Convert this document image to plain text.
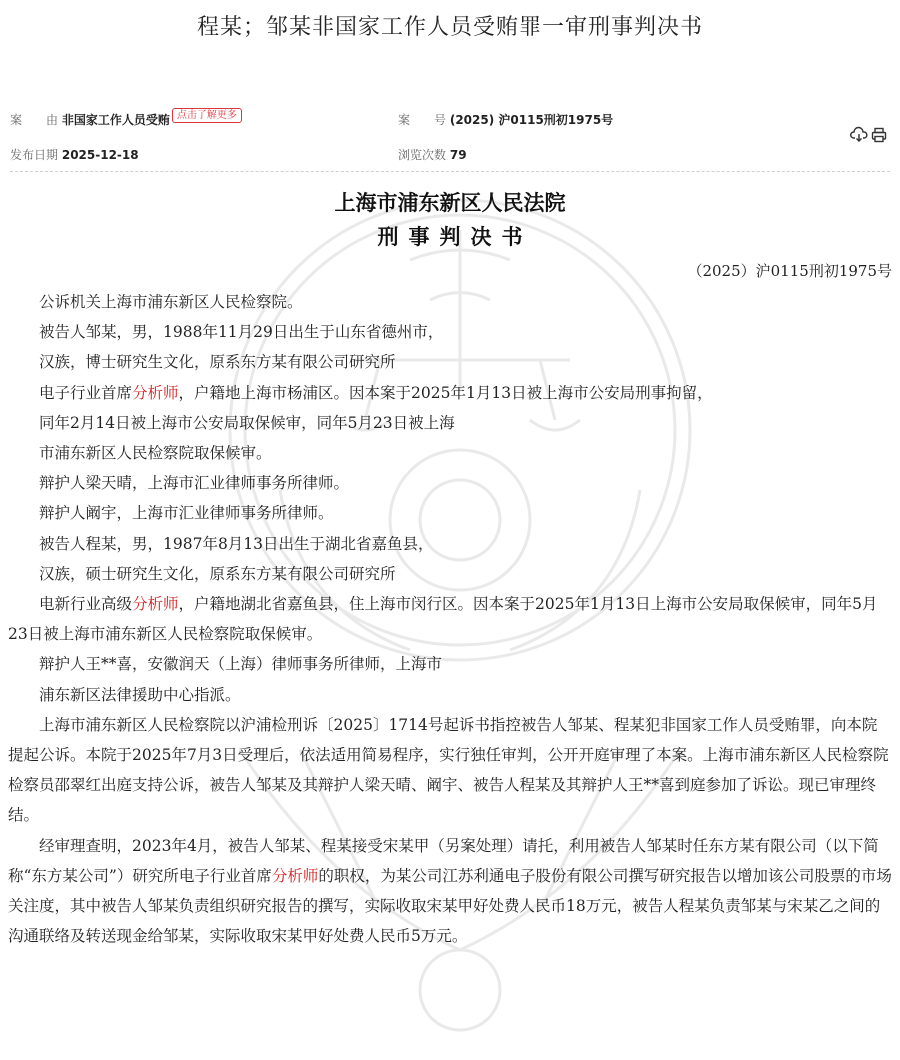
程某；邹某非国家工作人员受贿罪一审刑事判决书
案　　由 非国家工作人员受贿 点击了解更多	案　　号 (2025) 沪0115刑初1975号
发布日期 2025-12-18	浏览次数 79
上海市浦东新区人民法院
刑事判决书
（2025）沪0115刑初1975号

公诉机关上海市浦东新区人民检察院。

被告人邹某，男，1988年11月29日出生于山东省德州市，

汉族，博士研究生文化，原系东方某有限公司研究所

电子行业首席分析师，户籍地上海市杨浦区。因本案于2025年1月13日被上海市公安局刑事拘留，

同年2月14日被上海市公安局取保候审，同年5月23日被上海

市浦东新区人民检察院取保候审。

辩护人梁天晴，上海市汇业律师事务所律师。

辩护人阚宇，上海市汇业律师事务所律师。

被告人程某，男，1987年8月13日出生于湖北省嘉鱼县，

汉族，硕士研究生文化，原系东方某有限公司研究所

电新行业高级分析师，户籍地湖北省嘉鱼县，住上海市闵行区。因本案于2025年1月13日上海市公安局取保候审，同年5月23日被上海市浦东新区人民检察院取保候审。

辩护人王**喜，安徽润天（上海）律师事务所律师，上海市

浦东新区法律援助中心指派。

上海市浦东新区人民检察院以沪浦检刑诉〔2025〕1714号起诉书指控被告人邹某、程某犯非国家工作人员受贿罪，向本院提起公诉。本院于2025年7月3日受理后，依法适用简易程序，实行独任审判，公开开庭审理了本案。上海市浦东新区人民检察院检察员邵翠红出庭支持公诉，被告人邹某及其辩护人梁天晴、阚宇、被告人程某及其辩护人王**喜到庭参加了诉讼。现已审理终结。

经审理查明，2023年4月，被告人邹某、程某接受宋某甲（另案处理）请托，利用被告人邹某时任东方某有限公司（以下简称“东方某公司”）研究所电子行业首席分析师的职权，为某公司江苏利通电子股份有限公司撰写研究报告以增加该公司股票的市场关注度，其中被告人邹某负责组织研究报告的撰写，实际收取宋某甲好处费人民币18万元，被告人程某负责邹某与宋某乙之间的沟通联络及转送现金给邹某，实际收取宋某甲好处费人民币5万元。
